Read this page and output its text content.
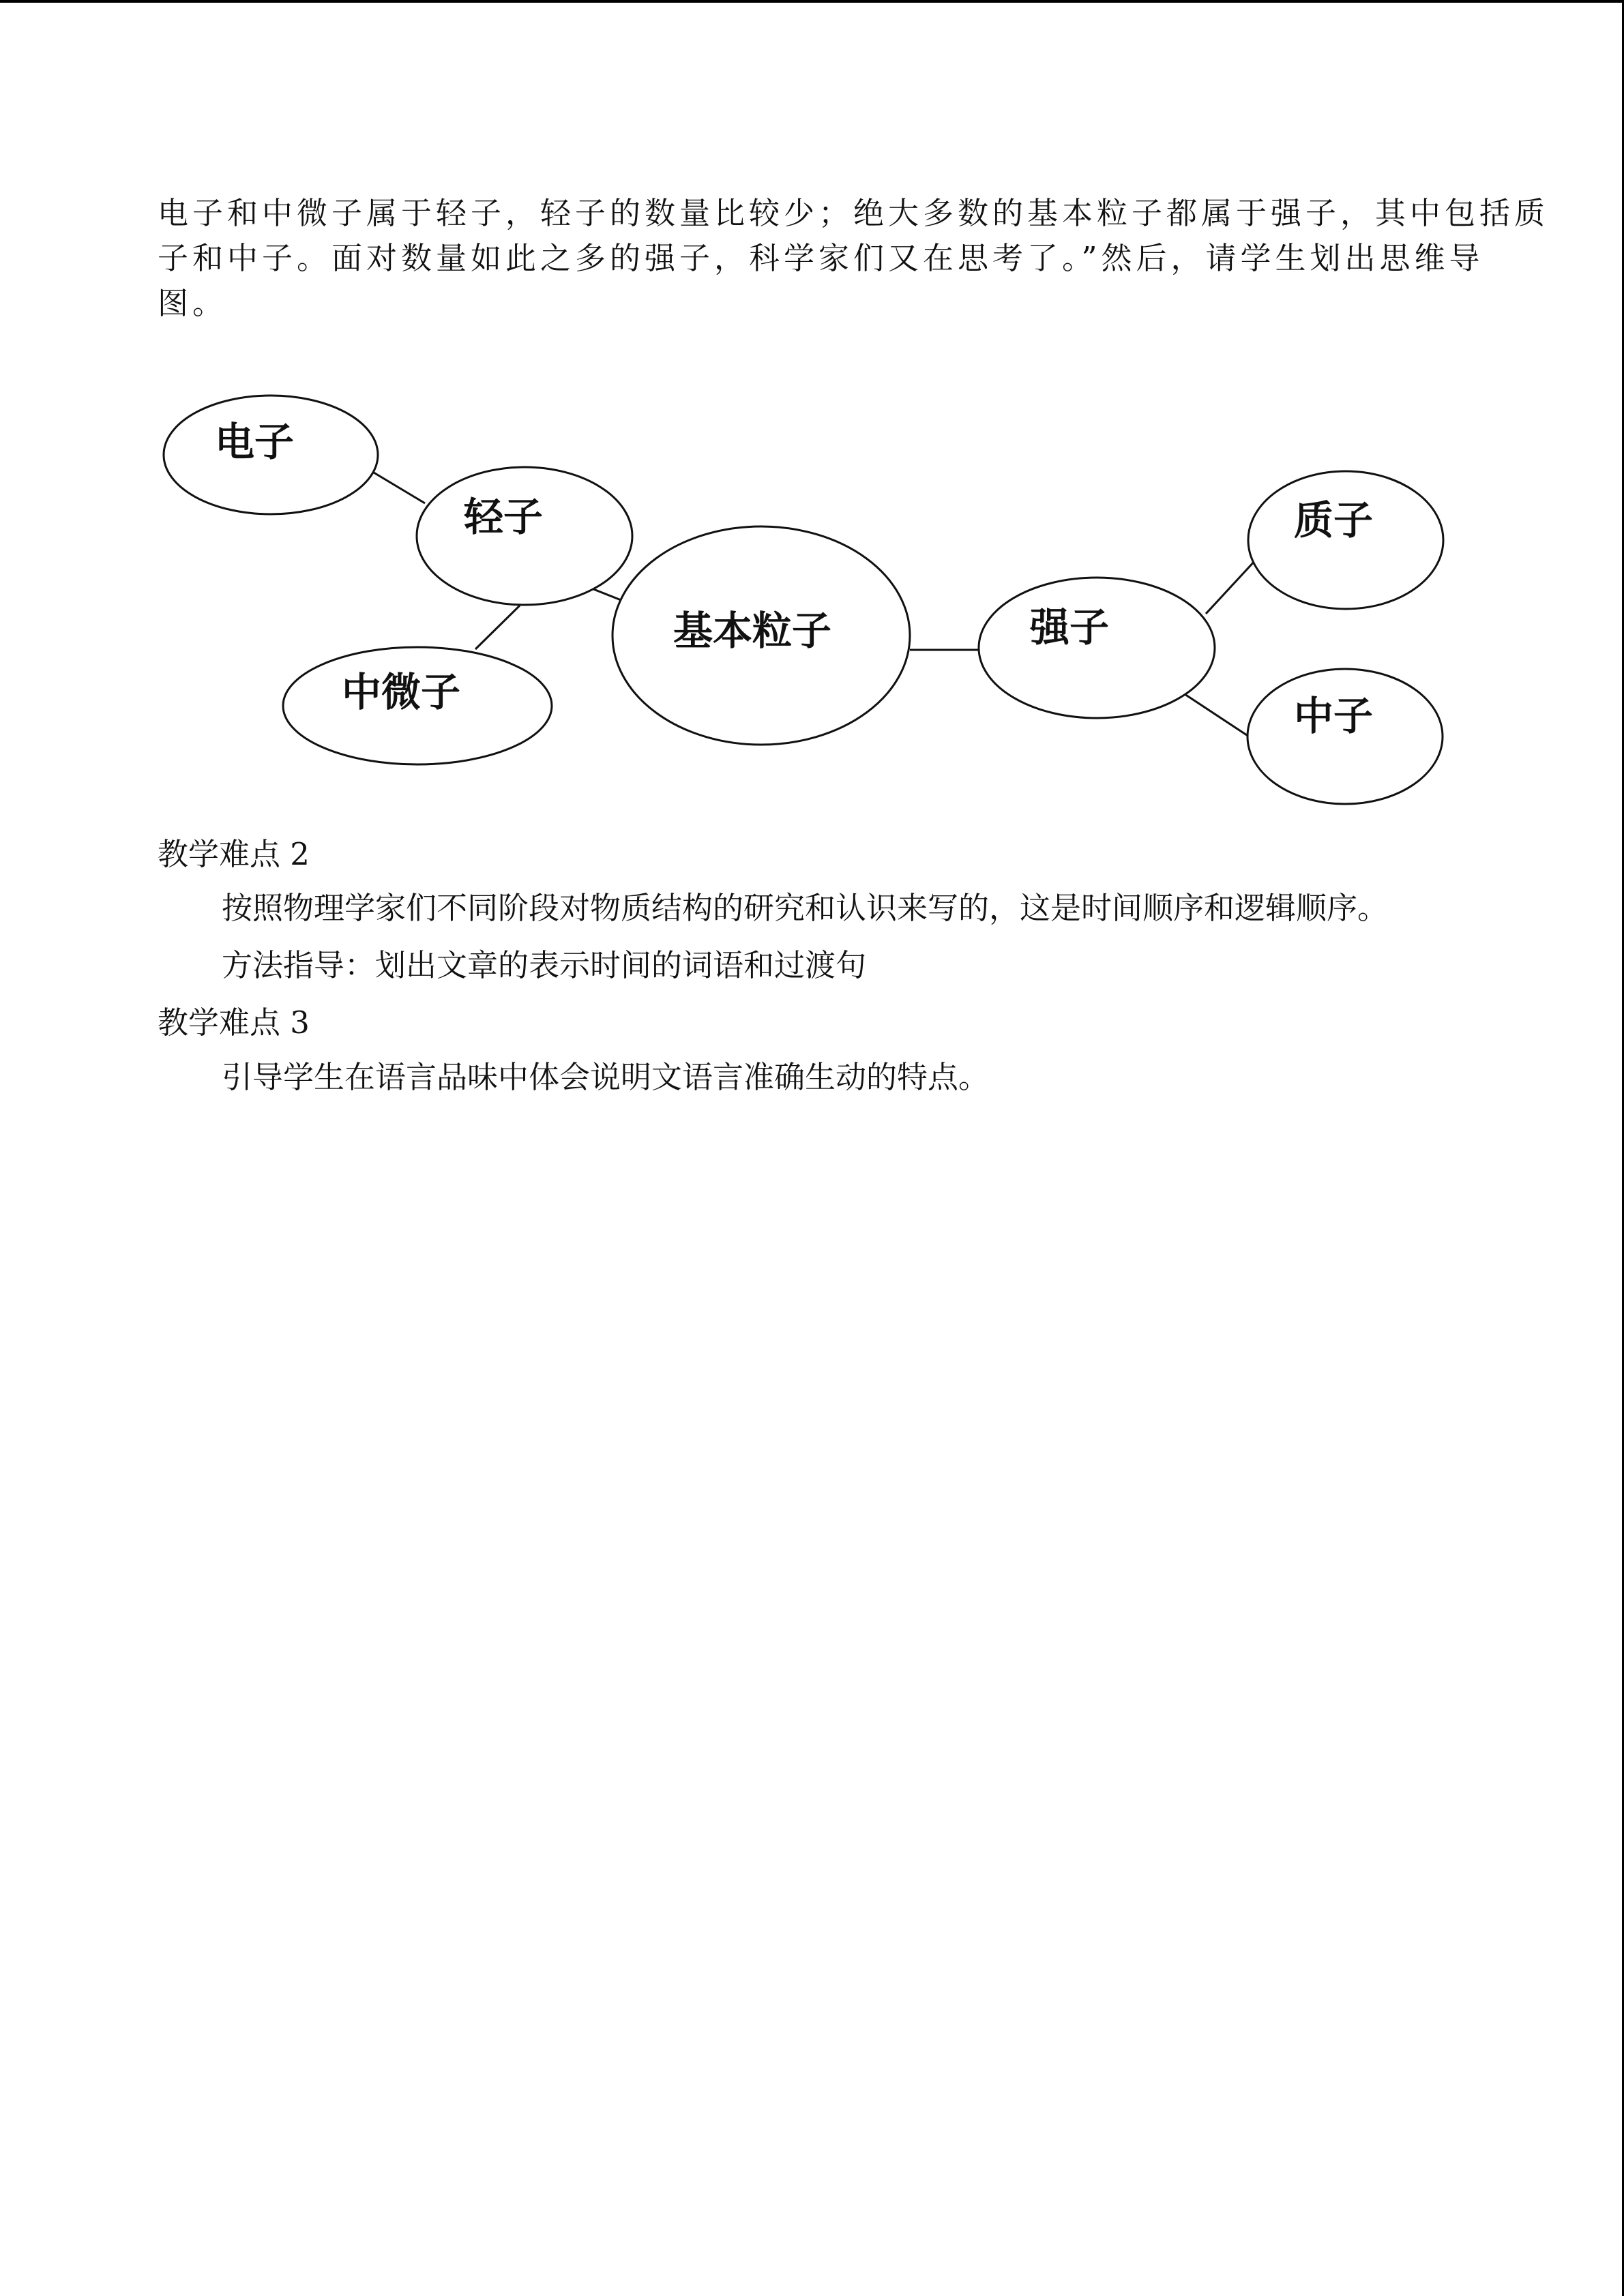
电子和中微子属于轻子，轻子的数量比较少；绝大多数的基本粒子都属于强子，其中包括质
子和中子。面对数量如此之多的强子，科学家们又在思考了。”然后，请学生划出思维导
图。
电子
轻子
中微子
基本粒子	强子
质子
中子
教学难点 2
按照物理学家们不同阶段对物质结构的研究和认识来写的，这是时间顺序和逻辑顺序。
方法指导：划出文章的表示时间的词语和过渡句
教学难点 3
引导学生在语言品味中体会说明文语言准确生动的特点。
